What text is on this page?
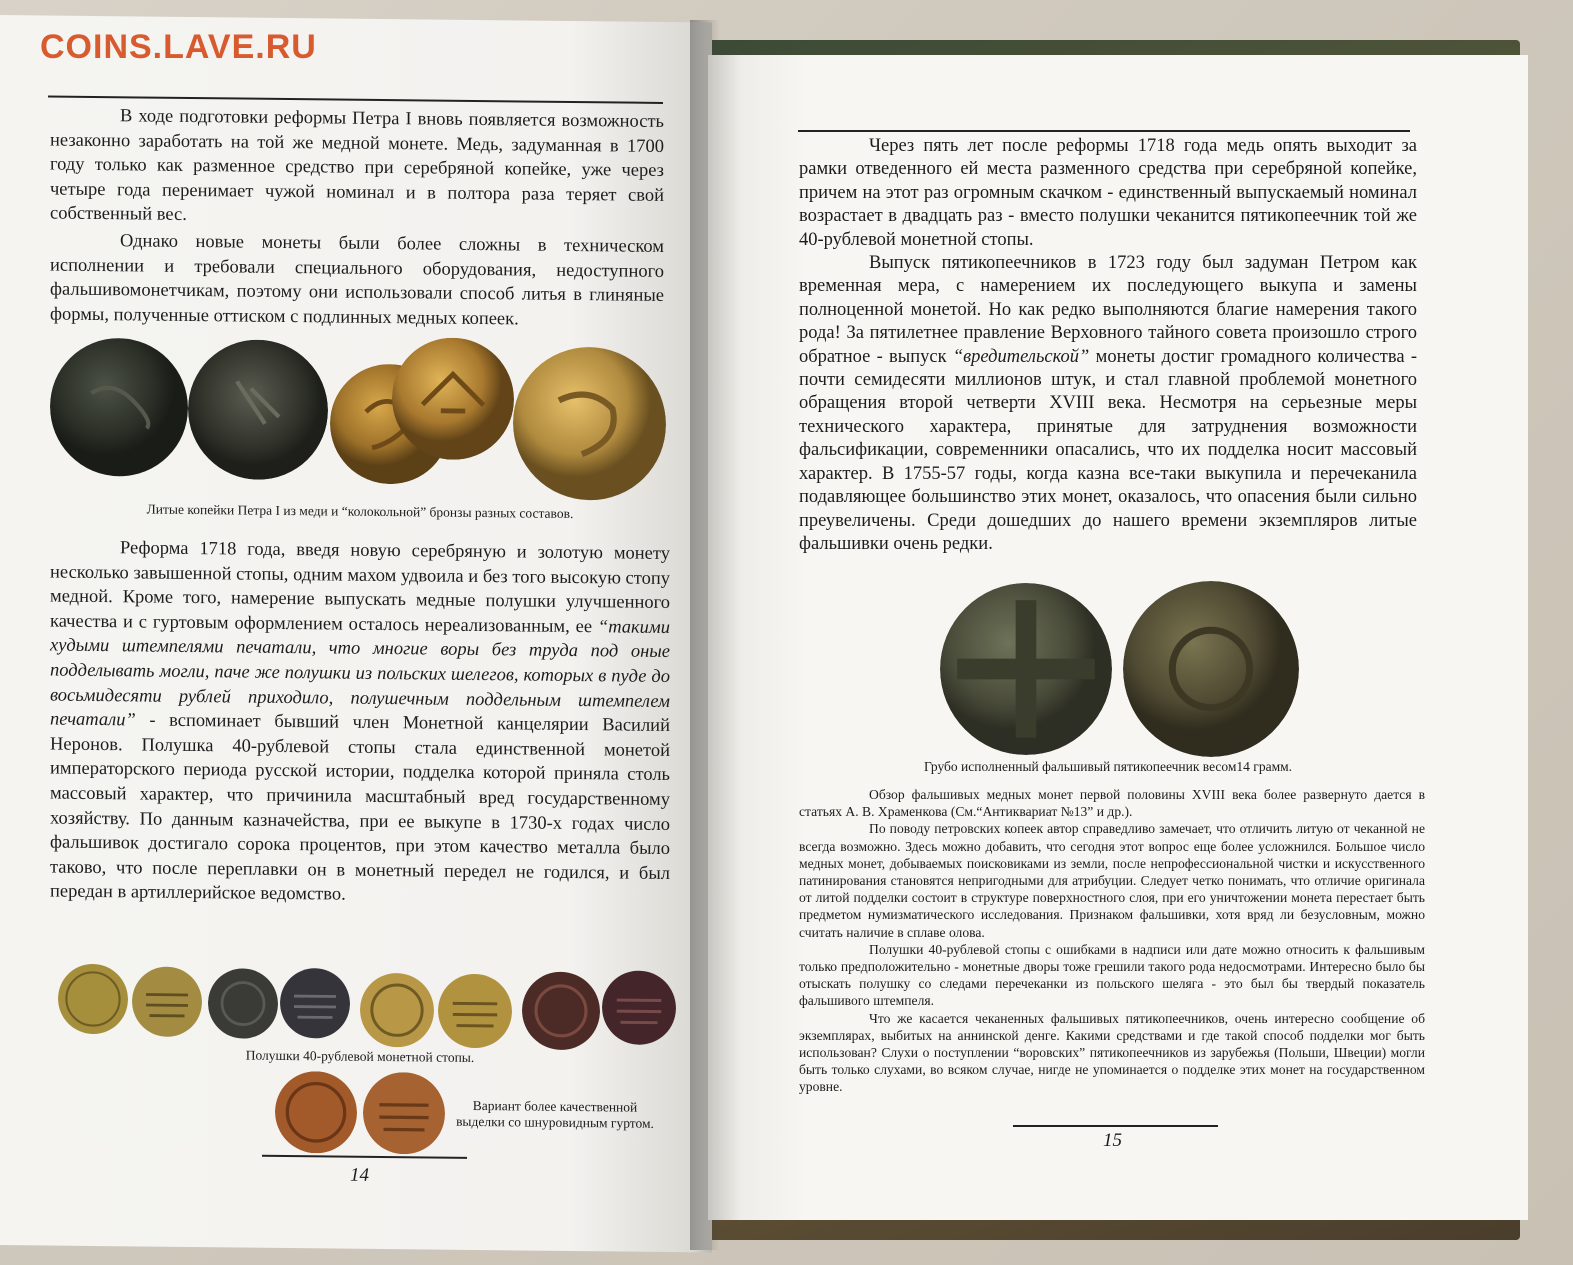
В ходе подготовки реформы Петра I вновь появляется возможность незаконно заработать на той же медной монете. Медь, задуманная в 1700 году только как разменное средство при серебряной копейке, уже через четыре года перенимает чужой номинал и в полтора раза теряет свой собственный вес.

Однако новые монеты были более сложны в техническом исполнении и требовали специального оборудования, недоступного фальшивомонетчикам, поэтому они использовали способ литья в глиняные формы, полученные оттиском с подлинных медных копеек.

Литые копейки Петра I из меди и “колокольной” бронзы разных составов.

Реформа 1718 года, введя новую серебряную и золотую монету несколько завышенной стопы, одним махом удвоила и без того высокую стопу медной. Кроме того, намерение выпускать медные полушки улучшенного качества и с гуртовым оформлением осталось нереализованным, ее “такими худыми штемпелями печатали, что многие воры без труда под оные подделывать могли, паче же полушки из польских шелегов, которых в пуде до восьмидесяти рублей приходило, полушечным поддельным штемпелем печатали” - вспоминает бывший член Монетной канцелярии Василий Неронов. Полушка 40-рублевой стопы стала единственной монетой императорского периода русской истории, подделка которой приняла столь массовый характер, что причинила масштабный вред государственному хозяйству. По данным казначейства, при ее выкупе в 1730-х годах число фальшивок достигало сорока процентов, при этом качество металла было таково, что после переплавки он в монетный передел не годился, и был передан в артиллерийское ведомство.

Полушки 40-рублевой монетной стопы.
Вариант более качественной выделки со шнуровидным гуртом.
14

Через пять лет после реформы 1718 года медь опять выходит за рамки отведенного ей места разменного средства при серебряной копейке, причем на этот раз огромным скачком - единственный выпускаемый номинал возрастает в двадцать раз - вместо полушки чеканится пятикопеечник той же 40-рублевой монетной стопы.

Выпуск пятикопеечников в 1723 году был задуман Петром как временная мера, с намерением их последующего выкупа и замены полноценной монетой. Но как редко выполняются благие намерения такого рода! За пятилетнее правление Верховного тайного совета произошло строго обратное - выпуск “вредительской” монеты достиг громадного количества - почти семидесяти миллионов штук, и стал главной проблемой монетного обращения второй четверти XVIII века. Несмотря на серьезные меры технического характера, принятые для затруднения возможности фальсификации, современники опасались, что их подделка носит массовый характер. В 1755-57 годы, когда казна все-таки выкупила и перечеканила подавляющее большинство этих монет, оказалось, что опасения были сильно преувеличены. Среди дошедших до нашего времени экземпляров литые фальшивки очень редки.

Грубо исполненный фальшивый пятикопеечник весом14 грамм.

Обзор фальшивых медных монет первой половины XVIII века более развернуто дается в статьях А. В. Храменкова (См.“Антиквариат №13” и др.).

По поводу петровских копеек автор справедливо замечает, что отличить литую от чеканной не всегда возможно. Здесь можно добавить, что сегодня этот вопрос еще более усложнился. Большое число медных монет, добываемых поисковиками из земли, после непрофессиональной чистки и искусственного патинирования становятся непригодными для атрибуции. Следует четко понимать, что отличие оригинала от литой подделки состоит в структуре поверхностного слоя, при его уничтожении монета перестает быть предметом нумизматического исследования. Признаком фальшивки, хотя вряд ли безусловным, можно считать наличие в сплаве олова.

Полушки 40-рублевой стопы с ошибками в надписи или дате можно относить к фальшивым только предположительно - монетные дворы тоже грешили такого рода недосмотрами. Интересно было бы отыскать полушку со следами перечеканки из польского шеляга - это был бы твердый показатель фальшивого штемпеля.

Что же касается чеканенных фальшивых пятикопеечников, очень интересно сообщение об экземплярах, выбитых на аннинской денге. Какими средствами и где такой способ подделки мог быть использован? Слухи о поступлении “воровских” пятикопеечников из зарубежья (Польши, Швеции) могли быть только слухами, во всяком случае, нигде не упоминается о подделке этих монет на государственном уровне.

15
COINS.LAVE.RU
